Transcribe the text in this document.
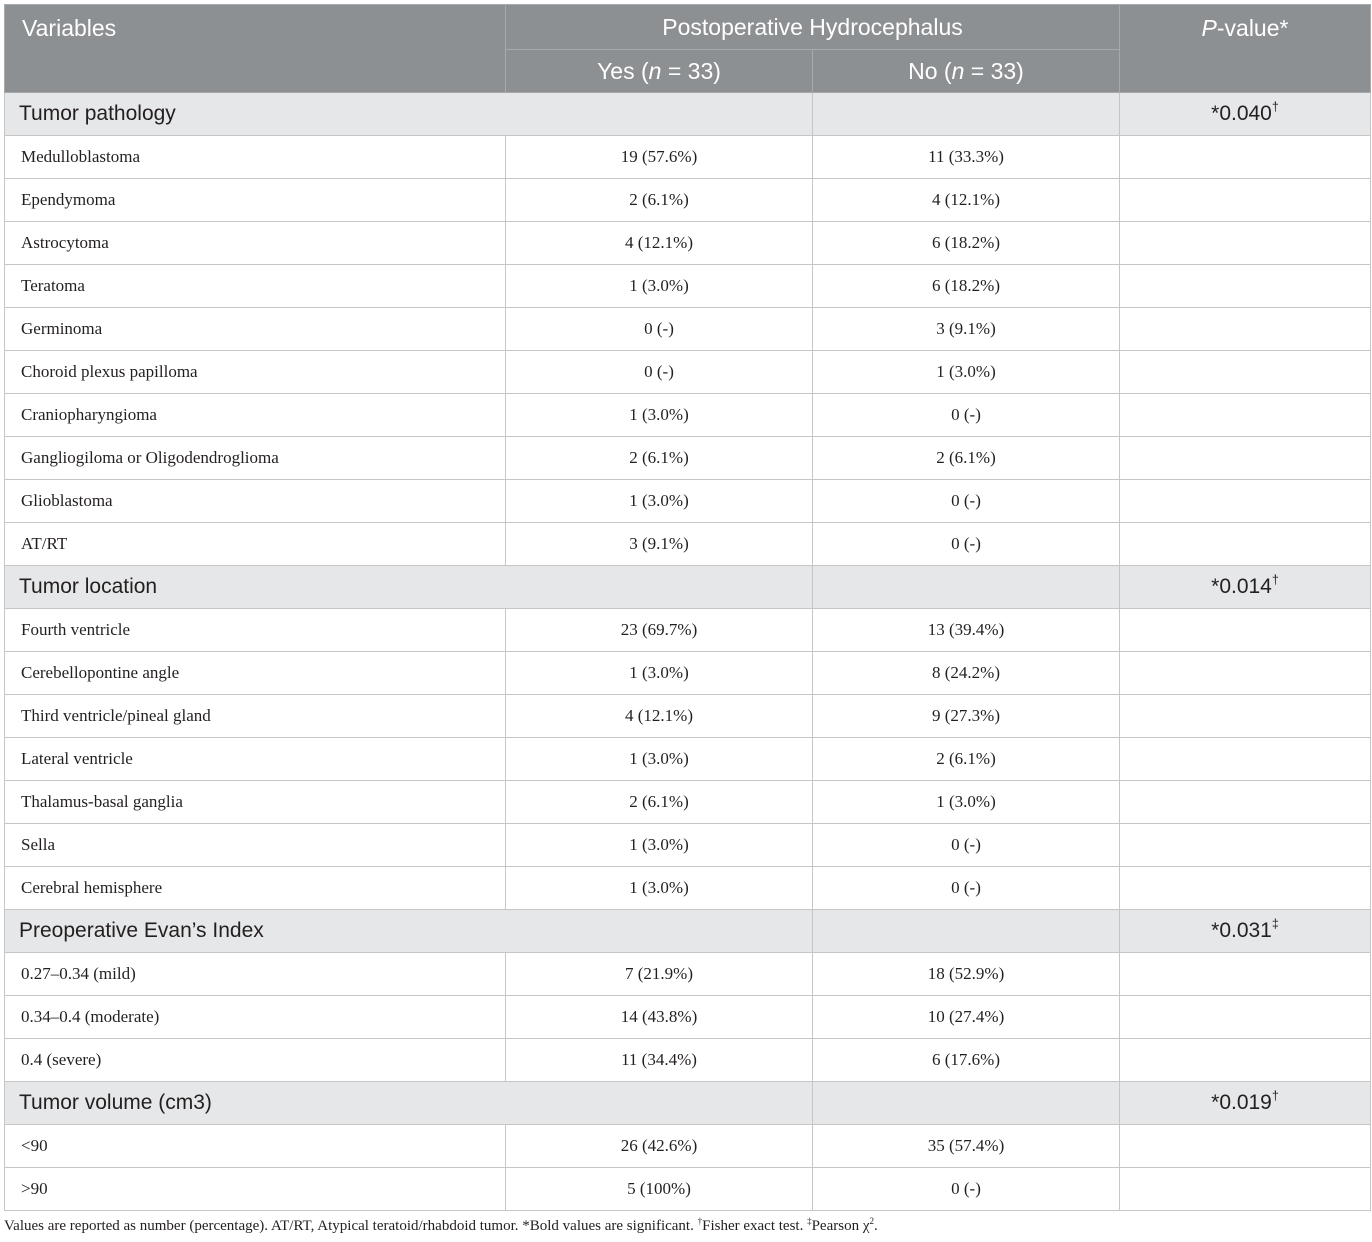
Variables	Postoperative Hydrocephalus		P-value*
	Yes (n = 33)	No (n = 33)	
Tumor pathology			*0.040†
Medulloblastoma	19 (57.6%)	11 (33.3%)	
Ependymoma	2 (6.1%)	4 (12.1%)	
Astrocytoma	4 (12.1%)	6 (18.2%)	
Teratoma	1 (3.0%)	6 (18.2%)	
Germinoma	0 (-)	3 (9.1%)	
Choroid plexus papilloma	0 (-)	1 (3.0%)	
Craniopharyngioma	1 (3.0%)	0 (-)	
Gangliogiloma or Oligodendroglioma	2 (6.1%)	2 (6.1%)	
Glioblastoma	1 (3.0%)	0 (-)	
AT/RT	3 (9.1%)	0 (-)	
Tumor location			*0.014†
Fourth ventricle	23 (69.7%)	13 (39.4%)	
Cerebellopontine angle	1 (3.0%)	8 (24.2%)	
Third ventricle/pineal gland	4 (12.1%)	9 (27.3%)	
Lateral ventricle	1 (3.0%)	2 (6.1%)	
Thalamus-basal ganglia	2 (6.1%)	1 (3.0%)	
Sella	1 (3.0%)	0 (-)	
Cerebral hemisphere	1 (3.0%)	0 (-)	
Preoperative Evan’s Index			*0.031‡
0.27–0.34 (mild)	7 (21.9%)	18 (52.9%)	
0.34–0.4 (moderate)	14 (43.8%)	10 (27.4%)	
0.4 (severe)	11 (34.4%)	6 (17.6%)	
Tumor volume (cm3)			*0.019†
<90	26 (42.6%)	35 (57.4%)	
>90	5 (100%)	0 (-)	
Values are reported as number (percentage). AT/RT, Atypical teratoid/rhabdoid tumor. *Bold values are significant. †Fisher exact test. ‡Pearson $\chi^2$.
